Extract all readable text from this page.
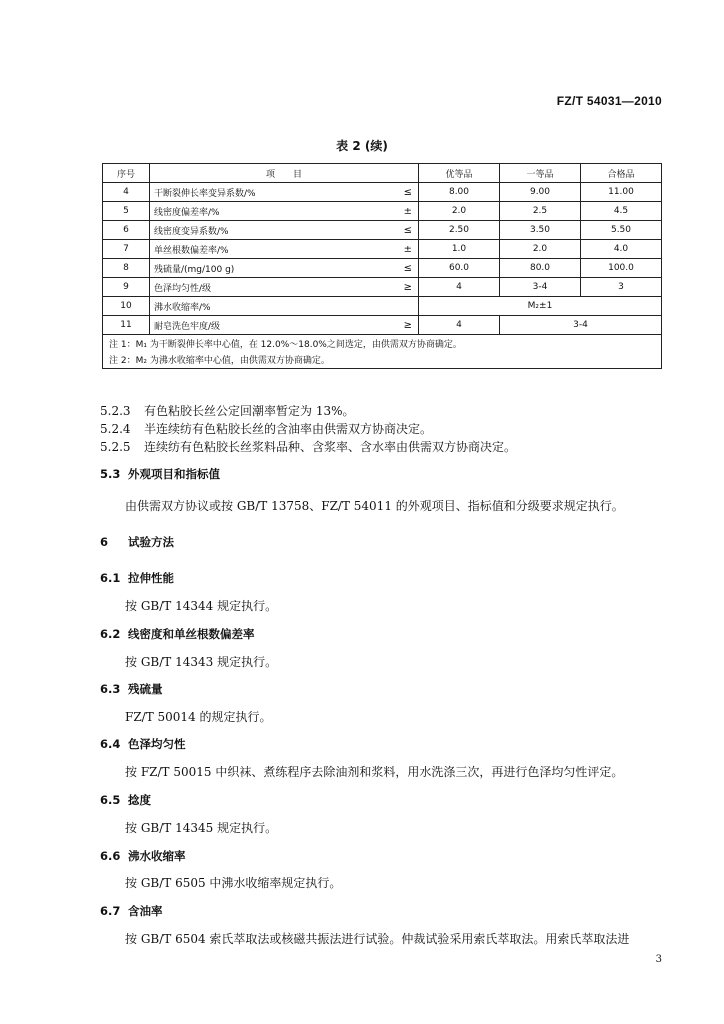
FZ/T 54031—2010
表 2 (续)
序号	项　　目		优等品	一等品	合格品
4	干断裂伸长率变异系数/%	≤	8.00	9.00	11.00
5	线密度偏差率/%	±	2.0	2.5	4.5
6	线密度变异系数/%	≤	2.50	3.50	5.50
7	单丝根数偏差率/%	±	1.0	2.0	4.0
8	残硫量/(mg/100 g)	≤	60.0	80.0	100.0
9	色泽均匀性/级	≥	4	3-4	3
10	沸水收缩率/%		M₂±1		
11	耐皂洗色牢度/级	≥	4	3-4	
注 1：M₁ 为干断裂伸长率中心值，在 12.0%～18.0%之间选定，由供需双方协商确定。					
注 2：M₂ 为沸水收缩率中心值，由供需双方协商确定。					

5.2.3 有色粘胶长丝公定回潮率暂定为 13%。

5.2.4 半连续纺有色粘胶长丝的含油率由供需双方协商决定。

5.2.5 连续纺有色粘胶长丝浆料品种、含浆率、含水率由供需双方协商决定。

5.3 外观项目和指标值
由供需双方协议或按 GB/T 13758、FZ/T 54011 的外观项目、指标值和分级要求规定执行。
6 试验方法
6.1 拉伸性能
按 GB/T 14344 规定执行。
6.2 线密度和单丝根数偏差率
按 GB/T 14343 规定执行。
6.3 残硫量
FZ/T 50014 的规定执行。
6.4 色泽均匀性
按 FZ/T 50015 中织袜、煮练程序去除油剂和浆料，用水洗涤三次，再进行色泽均匀性评定。
6.5 捻度
按 GB/T 14345 规定执行。
6.6 沸水收缩率
按 GB/T 6505 中沸水收缩率规定执行。
6.7 含油率
按 GB/T 6504 索氏萃取法或核磁共振法进行试验。仲裁试验采用索氏萃取法。用索氏萃取法进
3
